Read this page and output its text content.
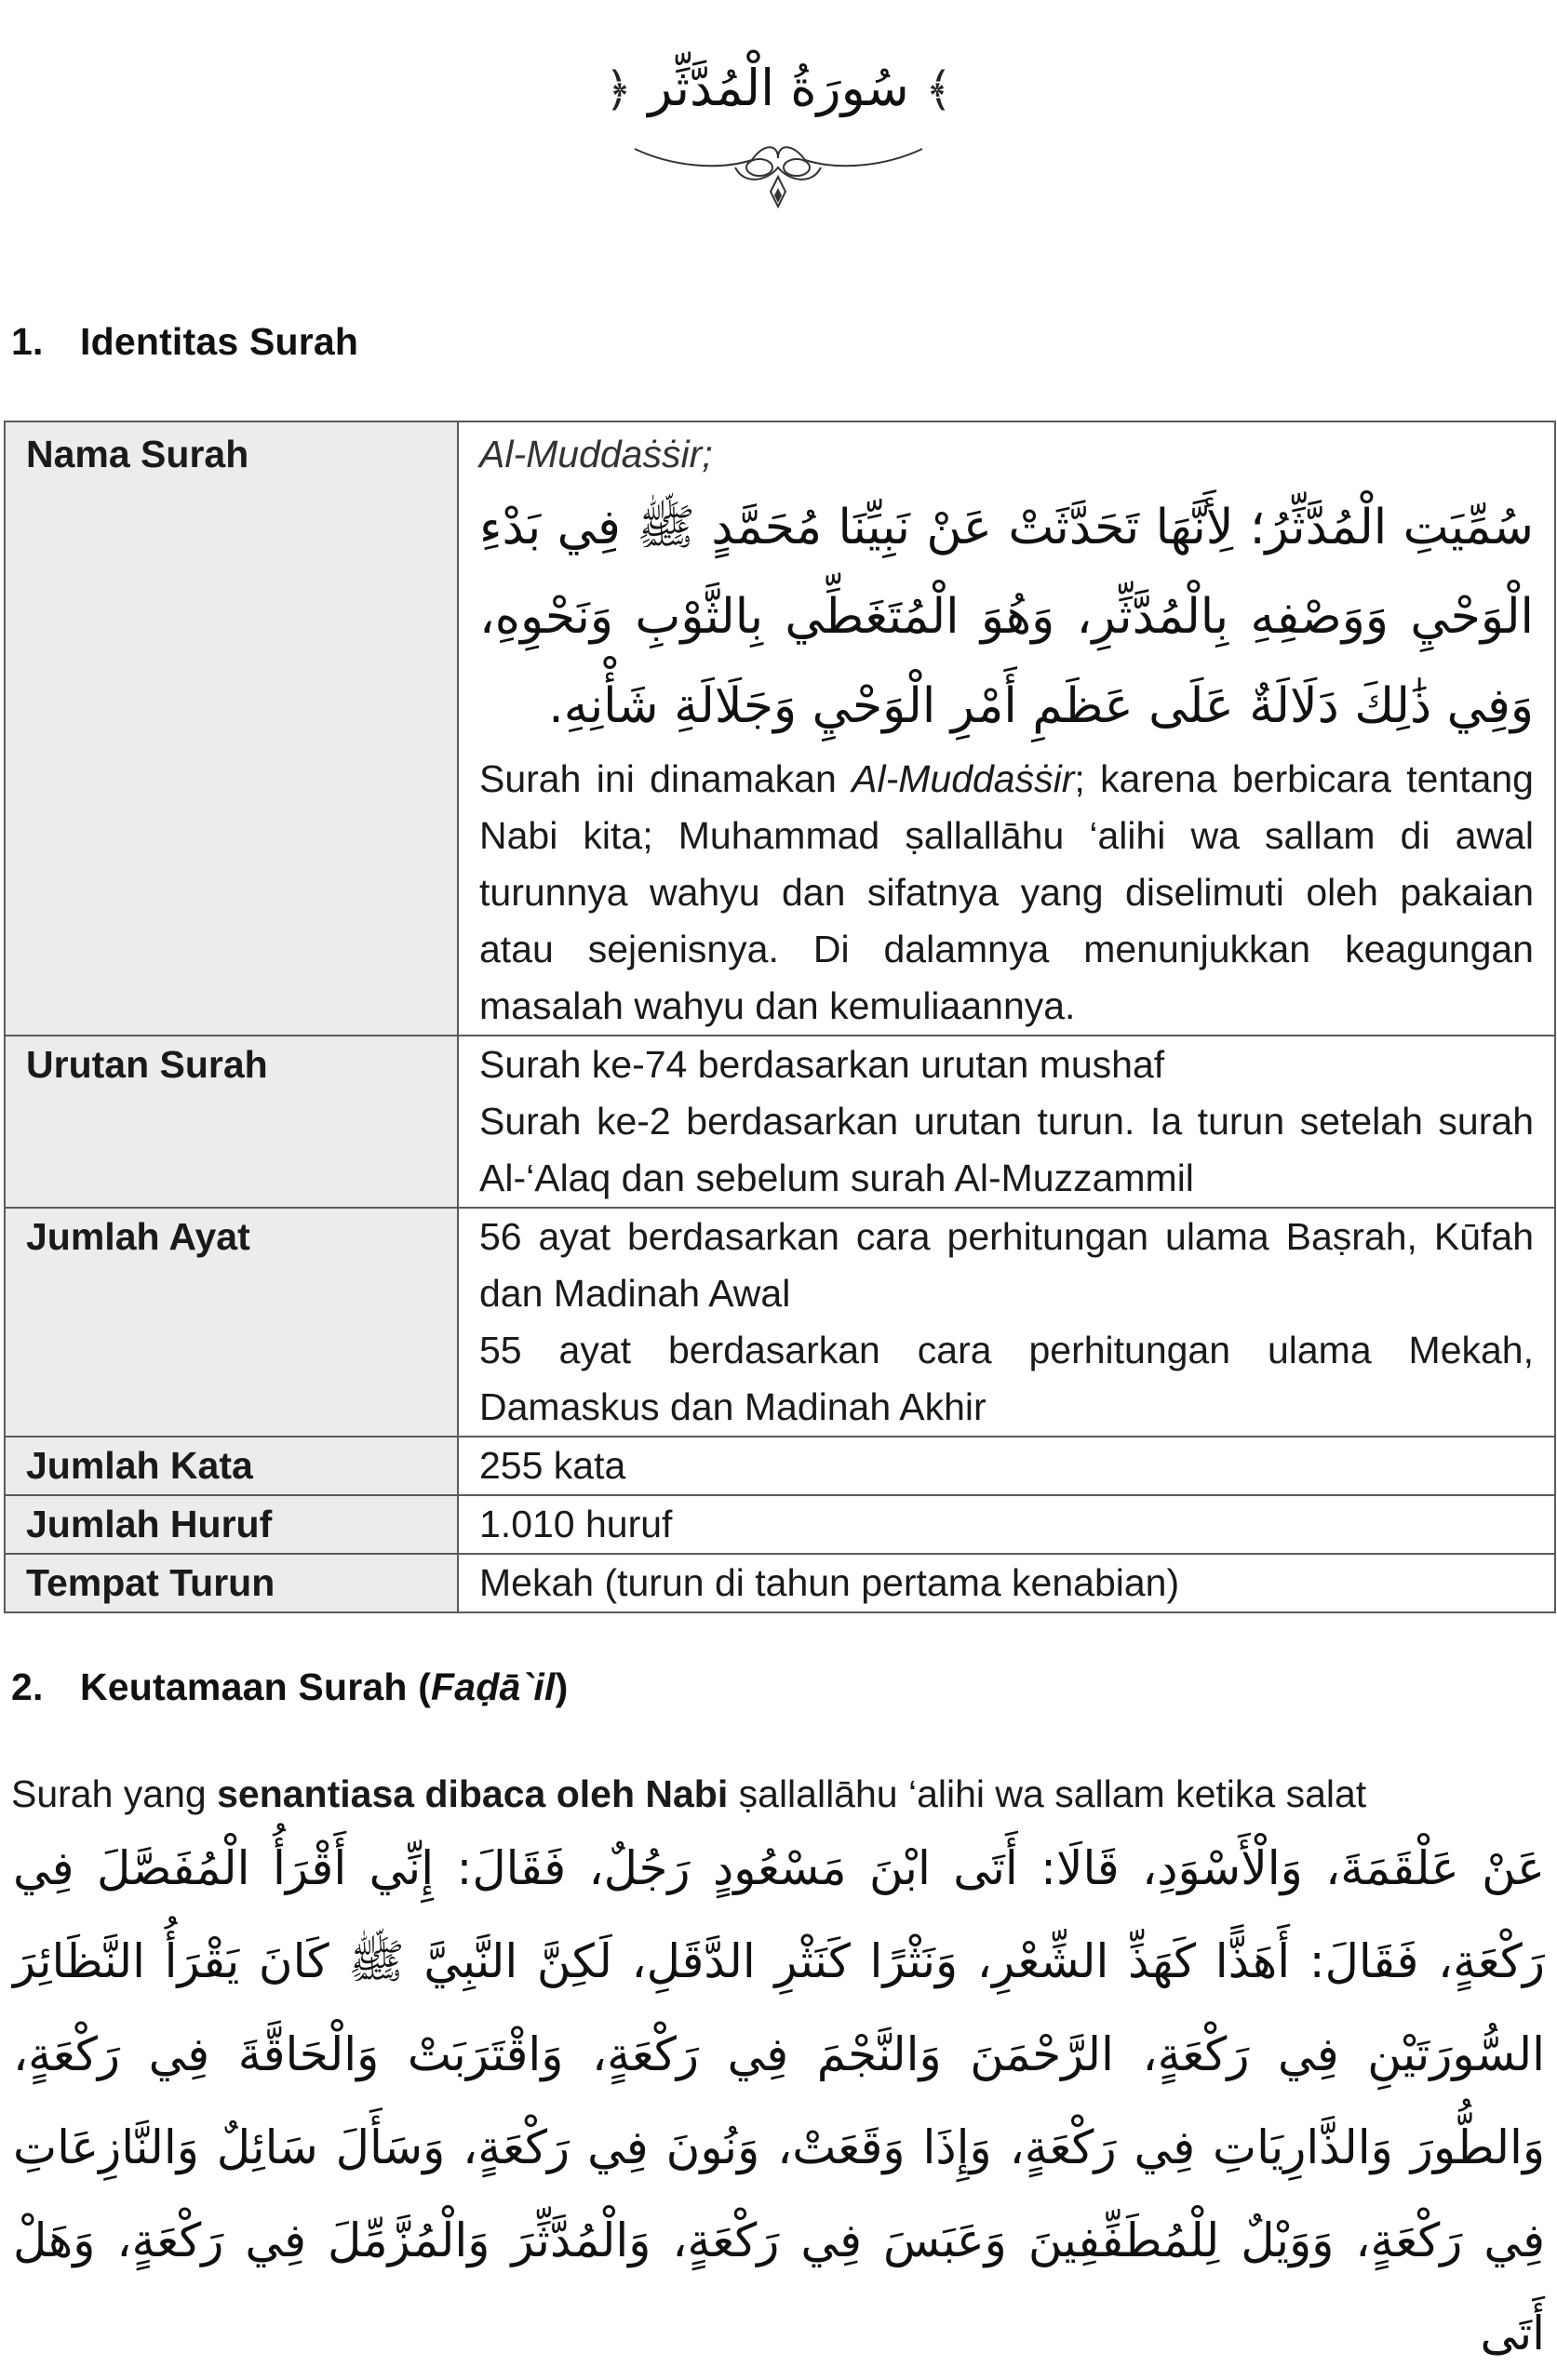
﴾ سُورَةُ الْمُدَّثِّر ﴿
1. Identitas Surah
Nama Surah	Al-Muddaṡṡir;
سُمِّيَتِ الْمُدَّثِّرُ؛ لِأَنَّهَا تَحَدَّثَتْ عَنْ نَبِيِّنَا مُحَمَّدٍ ﷺ فِي بَدْءِ الْوَحْيِ وَوَصْفِهِ بِالْمُدَّثِّرِ، وَهُوَ الْمُتَغَطِّي بِالثَّوْبِ وَنَحْوِهِ، وَفِي ذَٰلِكَ دَلَالَةٌ عَلَى عَظَمِ أَمْرِ الْوَحْيِ وَجَلَالَةِ شَأْنِهِ.
Surah ini dinamakan Al-Muddaṡṡir; karena berbicara tentang Nabi kita; Muhammad ṣallallāhu ‘alihi wa sallam di awal turunnya wahyu dan sifatnya yang diselimuti oleh pakaian atau sejenisnya. Di dalamnya menunjukkan keagungan masalah wahyu dan kemuliaannya.

Urutan Surah	Surah ke-74 berdasarkan urutan mushaf
Surah ke-2 berdasarkan urutan turun. Ia turun setelah surah Al-‘Alaq dan sebelum surah Al-Muzzammil

Jumlah Ayat	56 ayat berdasarkan cara perhitungan ulama Baṣrah, Kūfah dan Madinah Awal
55 ayat berdasarkan cara perhitungan ulama Mekah, Damaskus dan Madinah Akhir

Jumlah Kata	255 kata
Jumlah Huruf	1.010 huruf
Tempat Turun	Mekah (turun di tahun pertama kenabian)
2. Keutamaan Surah (Faḍā`il)
Surah yang senantiasa dibaca oleh Nabi ṣallallāhu ‘alihi wa sallam ketika salat
عَنْ عَلْقَمَةَ، وَالْأَسْوَدِ، قَالَا: أَتَى ابْنَ مَسْعُودٍ رَجُلٌ، فَقَالَ: إِنِّي أَقْرَأُ الْمُفَصَّلَ فِي رَكْعَةٍ، فَقَالَ: أَهَذًّا كَهَذِّ الشِّعْرِ، وَنَثْرًا كَنَثْرِ الدَّقَلِ، لَكِنَّ النَّبِيَّ ﷺ كَانَ يَقْرَأُ النَّظَائِرَ السُّورَتَيْنِ فِي رَكْعَةٍ، الرَّحْمَنَ وَالنَّجْمَ فِي رَكْعَةٍ، وَاقْتَرَبَتْ وَالْحَاقَّةَ فِي رَكْعَةٍ، وَالطُّورَ وَالذَّارِيَاتِ فِي رَكْعَةٍ، وَإِذَا وَقَعَتْ، وَنُونَ فِي رَكْعَةٍ، وَسَأَلَ سَائِلٌ وَالنَّازِعَاتِ فِي رَكْعَةٍ، وَوَيْلٌ لِلْمُطَفِّفِينَ وَعَبَسَ فِي رَكْعَةٍ، وَالْمُدَّثِّرَ وَالْمُزَّمِّلَ فِي رَكْعَةٍ، وَهَلْ أَتَى
